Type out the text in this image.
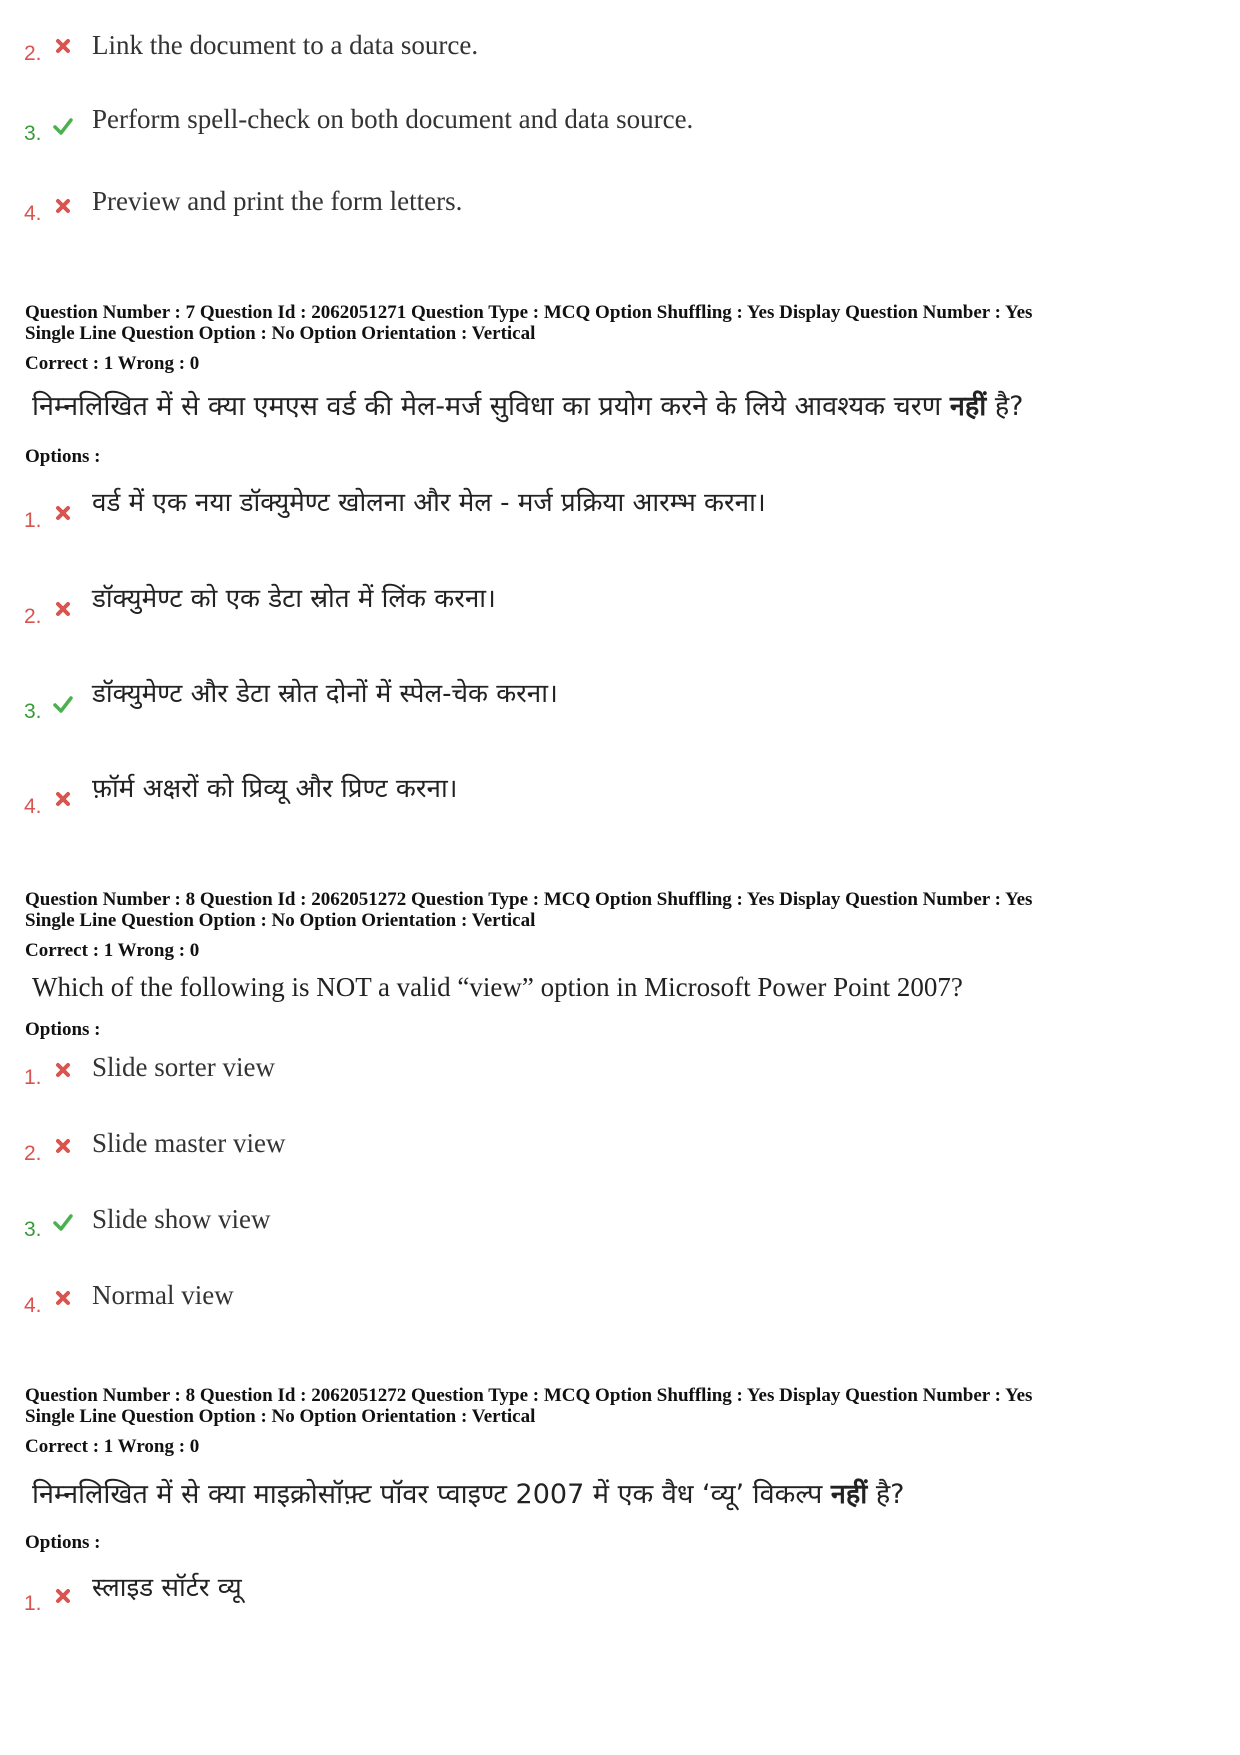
2. Link the document to a data source.
3. Perform spell-check on both document and data source.
4. Preview and print the form letters.
Question Number : 7 Question Id : 2062051271 Question Type : MCQ Option Shuffling : Yes Display Question Number : Yes
Single Line Question Option : No Option Orientation : Vertical
Correct : 1 Wrong : 0
निम्नलिखित में से क्या एमएस वर्ड की मेल-मर्ज सुविधा का प्रयोग करने के लिये आवश्यक चरण नहीं है?
Options :
1.
वर्ड में एक नया डॉक्युमेण्ट खोलना और मेल - मर्ज प्रक्रिया आरम्भ करना।
2.
डॉक्युमेण्ट को एक डेटा स्रोत में लिंक करना।
3.
डॉक्युमेण्ट और डेटा स्रोत दोनों में स्पेल-चेक करना।
4.
फ़ॉर्म अक्षरों को प्रिव्यू और प्रिण्ट करना।
Question Number : 8 Question Id : 2062051272 Question Type : MCQ Option Shuffling : Yes Display Question Number : Yes
Single Line Question Option : No Option Orientation : Vertical
Correct : 1 Wrong : 0
Which of the following is NOT a valid “view” option in Microsoft Power Point 2007?
Options :
1. Slide sorter view
2. Slide master view
3. Slide show view
4. Normal view
Question Number : 8 Question Id : 2062051272 Question Type : MCQ Option Shuffling : Yes Display Question Number : Yes
Single Line Question Option : No Option Orientation : Vertical
Correct : 1 Wrong : 0
निम्नलिखित में से क्या माइक्रोसॉफ़्ट पॉवर प्वाइण्ट 2007 में एक वैध ‘व्यू’ विकल्प नहीं है?
Options :
1.
स्लाइड सॉर्टर व्यू
